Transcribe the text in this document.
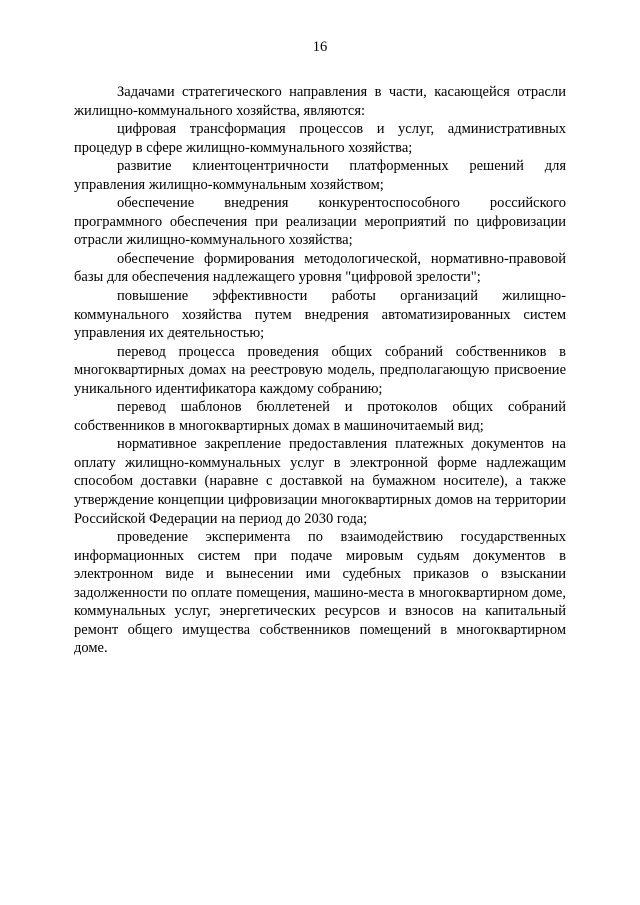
16

Задачами стратегического направления в части, касающейся отрасли жилищно-коммунального хозяйства, являются:

цифровая трансформация процессов и услуг, административных процедур в сфере жилищно-коммунального хозяйства;

развитие клиентоцентричности платформенных решений для управления жилищно-коммунальным хозяйством;

обеспечение внедрения конкурентоспособного российского программного обеспечения при реализации мероприятий по цифровизации отрасли жилищно-коммунального хозяйства;

обеспечение формирования методологической, нормативно-правовой базы для обеспечения надлежащего уровня "цифровой зрелости";

повышение эффективности работы организаций жилищно-коммунального хозяйства путем внедрения автоматизированных систем управления их деятельностью;

перевод процесса проведения общих собраний собственников в многоквартирных домах на реестровую модель, предполагающую присвоение уникального идентификатора каждому собранию;

перевод шаблонов бюллетеней и протоколов общих собраний собственников в многоквартирных домах в машиночитаемый вид;

нормативное закрепление предоставления платежных документов на оплату жилищно-коммунальных услуг в электронной форме надлежащим способом доставки (наравне с доставкой на бумажном носителе), а также утверждение концепции цифровизации многоквартирных домов на территории Российской Федерации на период до 2030 года;

проведение эксперимента по взаимодействию государственных информационных систем при подаче мировым судьям документов в электронном виде и вынесении ими судебных приказов о взыскании задолженности по оплате помещения, машино-места в многоквартирном доме, коммунальных услуг, энергетических ресурсов и взносов на капитальный ремонт общего имущества собственников помещений в многоквартирном доме.
